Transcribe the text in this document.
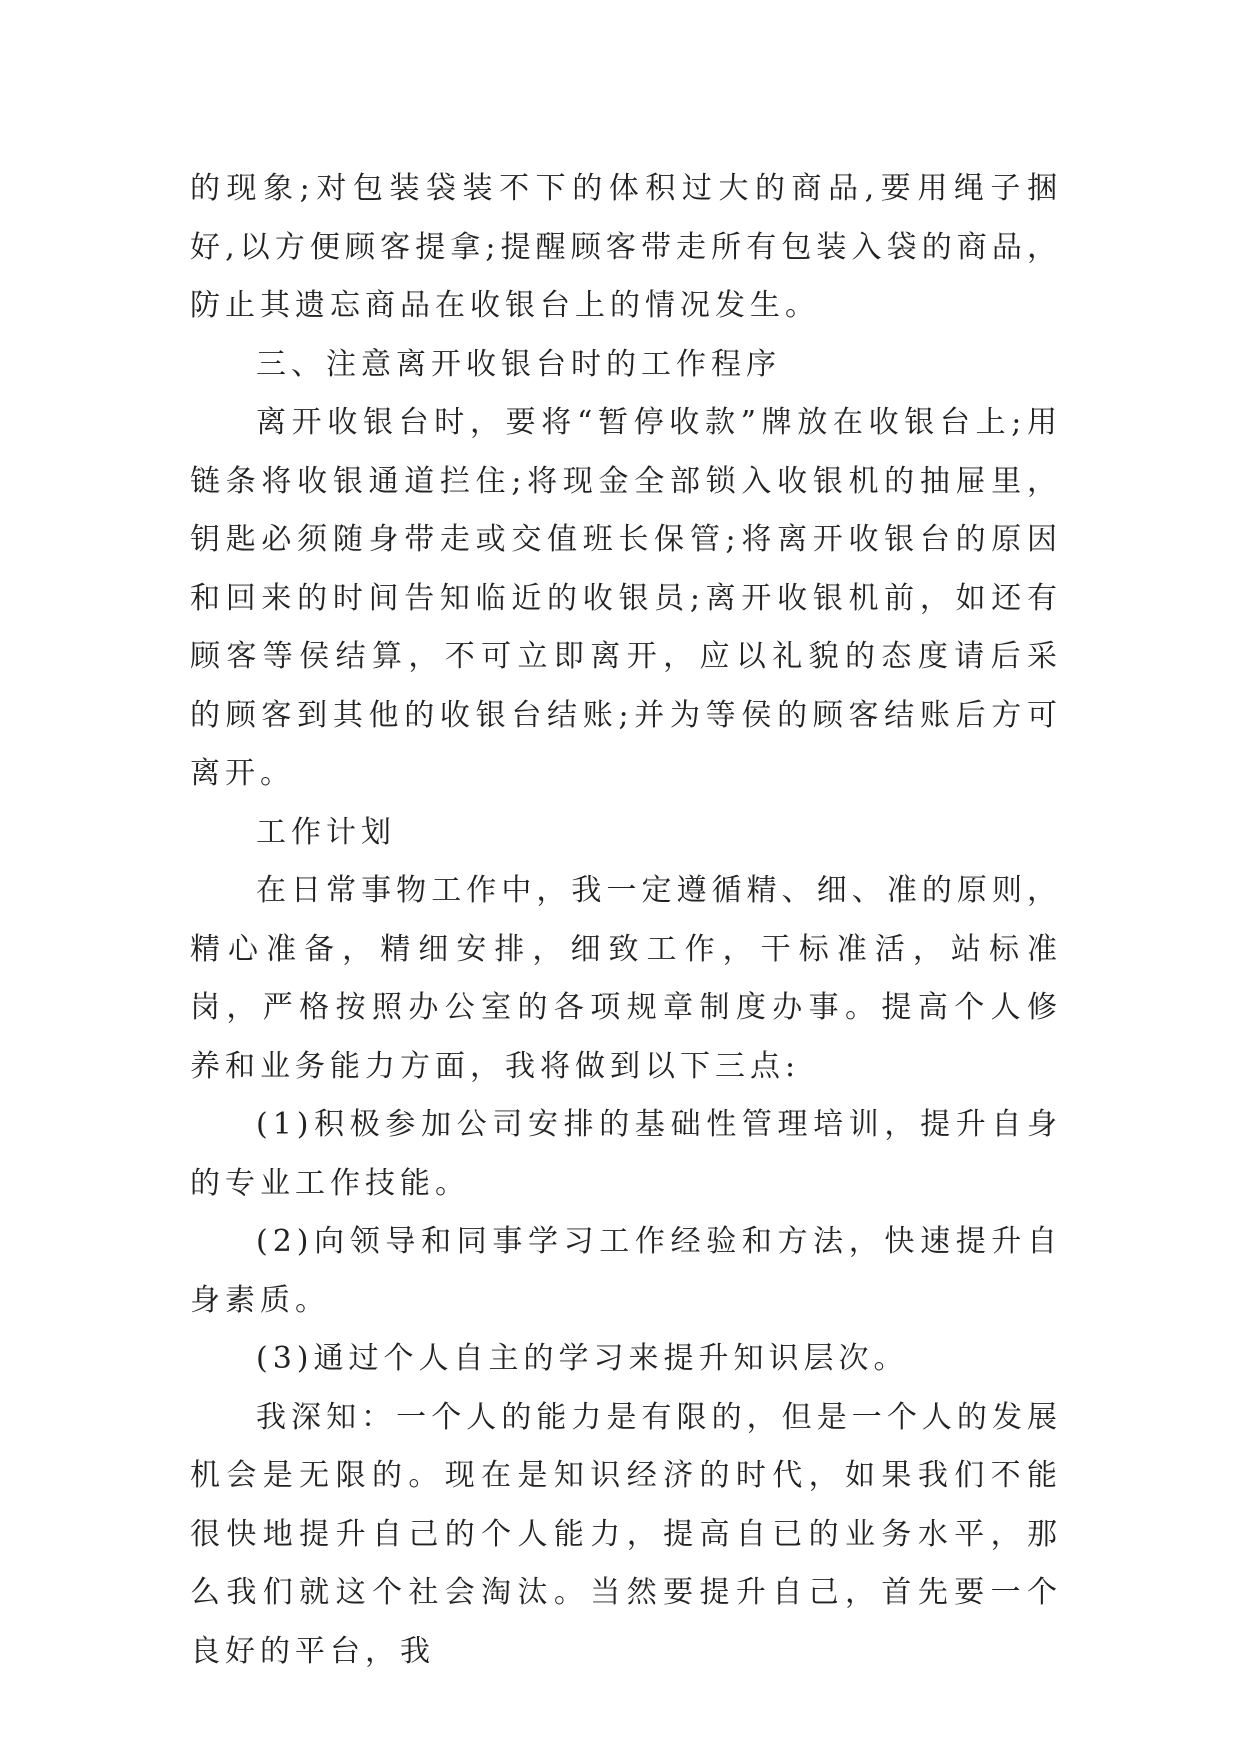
的现象;对包装袋装不下的体积过大的商品,要用绳子捆好,以方便顾客提拿;提醒顾客带走所有包装入袋的商品，防止其遗忘商品在收银台上的情况发生。

三、注意离开收银台时的工作程序

离开收银台时，要将“暂停收款”牌放在收银台上;用链条将收银通道拦住;将现金全部锁入收银机的抽屉里，钥匙必须随身带走或交值班长保管;将离开收银台的原因和回来的时间告知临近的收银员;离开收银机前，如还有顾客等侯结算，不可立即离开，应以礼貌的态度请后采的顾客到其他的收银台结账;并为等侯的顾客结账后方可离开。

工作计划

在日常事物工作中，我一定遵循精、细、准的原则，精心准备，精细安排，细致工作，干标准活，站标准岗，严格按照办公室的各项规章制度办事。提高个人修养和业务能力方面，我将做到以下三点:

(1)积极参加公司安排的基础性管理培训，提升自身的专业工作技能。

(2)向领导和同事学习工作经验和方法，快速提升自身素质。

(3)通过个人自主的学习来提升知识层次。

我深知：一个人的能力是有限的，但是一个人的发展机会是无限的。现在是知识经济的时代，如果我们不能很快地提升自己的个人能力，提高自已的业务水平，那么我们就这个社会淘汰。当然要提升自己，首先要一个良好的平台，我
